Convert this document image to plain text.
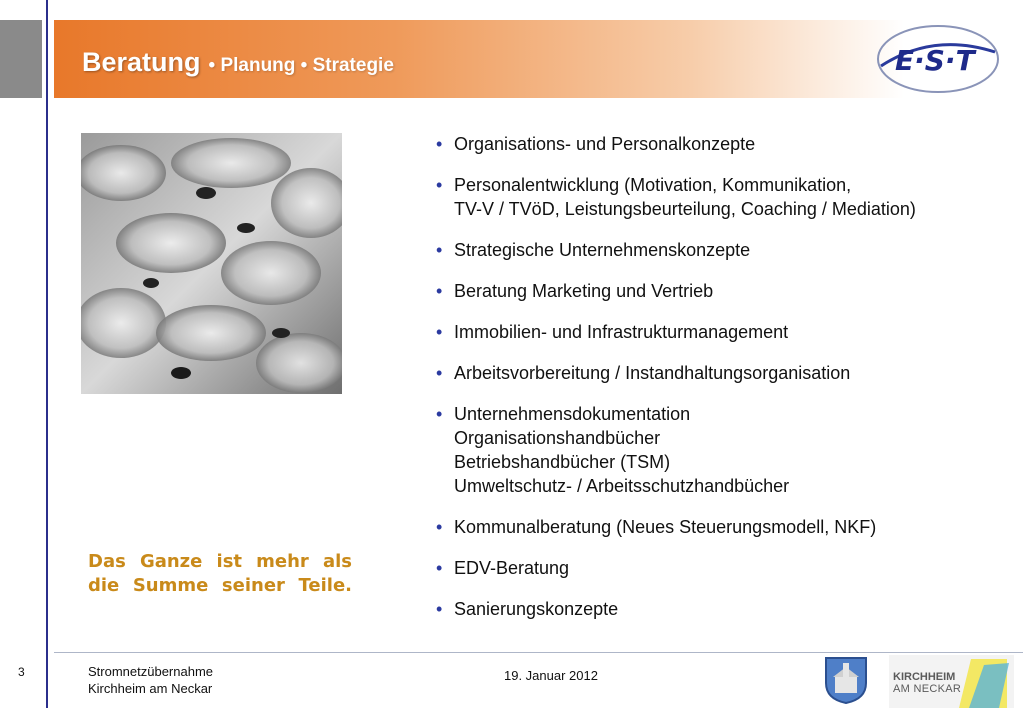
Beratung • Planung • Strategie	E·S·T
Das Ganze ist mehr als die Summe seiner Teile.
• Organisations- und Personalkonzepte
• Personalentwicklung (Motivation, Kommunikation,
TV-V / TVöD, Leistungsbeurteilung, Coaching / Mediation)
• Strategische Unternehmenskonzepte
• Beratung Marketing und Vertrieb
• Immobilien- und Infrastrukturmanagement
• Arbeitsvorbereitung / Instandhaltungsorganisation
• Unternehmensdokumentation
Organisationshandbücher
Betriebshandbücher (TSM)
Umweltschutz- / Arbeitsschutzhandbücher
• Kommunalberatung (Neues Steuerungsmodell, NKF)
• EDV-Beratung
• Sanierungskonzepte
3	Stromnetzübernahme
Kirchheim am Neckar
19. Januar 2012	KIRCHHEIM
AM NECKAR
